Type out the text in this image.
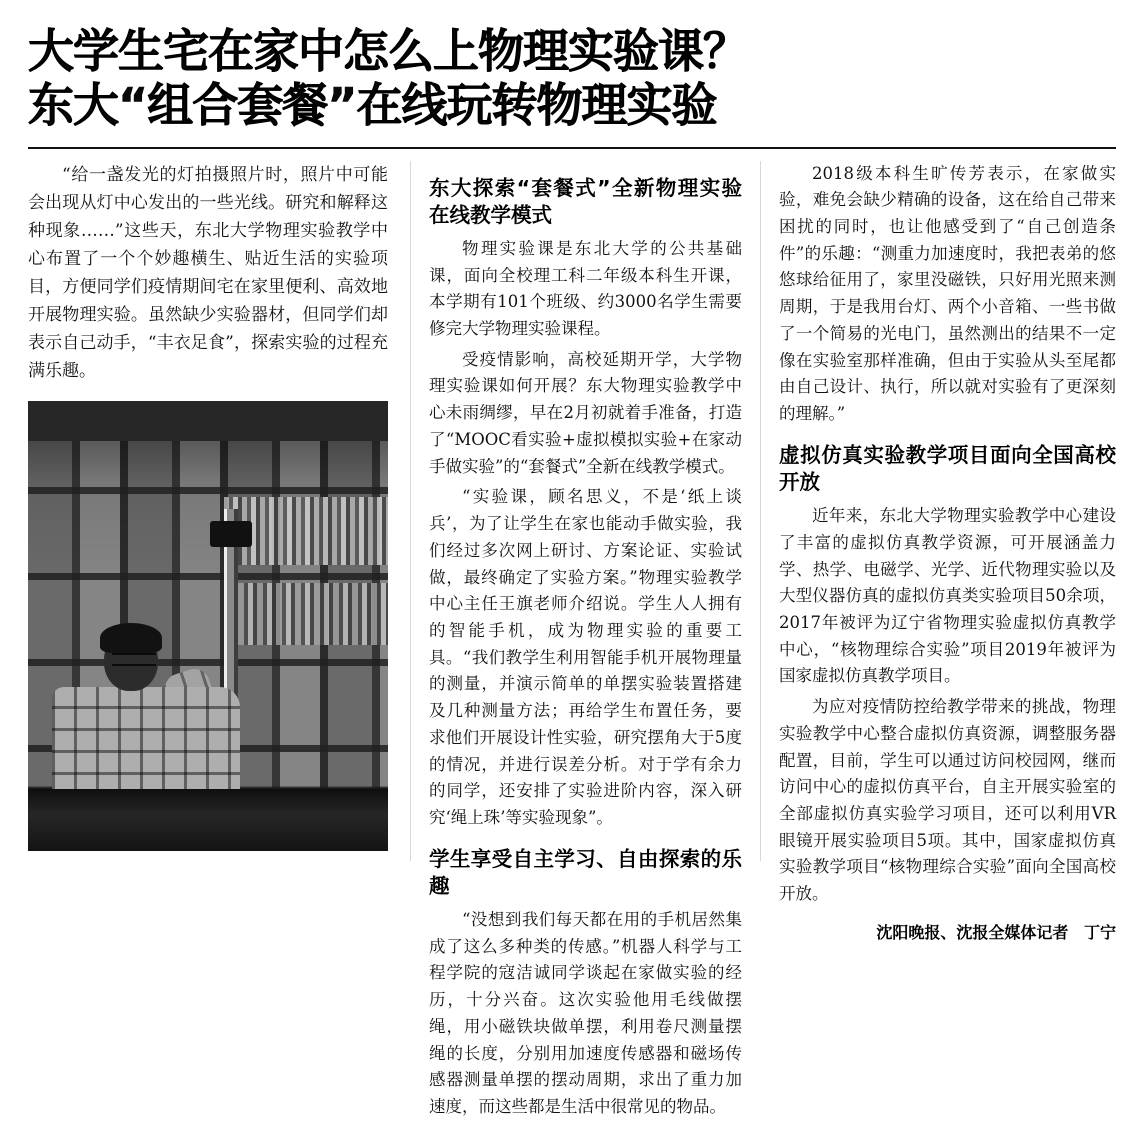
大学生宅在家中怎么上物理实验课？
东大“组合套餐”在线玩转物理实验

“给一盏发光的灯拍摄照片时，照片中可能会出现从灯中心发出的一些光线。研究和解释这种现象……”这些天，东北大学物理实验教学中心布置了一个个妙趣横生、贴近生活的实验项目，方便同学们疫情期间宅在家里便利、高效地开展物理实验。虽然缺少实验器材，但同学们却表示自己动手，“丰衣足食”，探索实验的过程充满乐趣。

东大探索“套餐式”全新物理实验在线教学模式

物理实验课是东北大学的公共基础课，面向全校理工科二年级本科生开课，本学期有101个班级、约3000名学生需要修完大学物理实验课程。

受疫情影响，高校延期开学，大学物理实验课如何开展？东大物理实验教学中心未雨绸缪，早在2月初就着手准备，打造了“MOOC看实验+虚拟模拟实验+在家动手做实验”的“套餐式”全新在线教学模式。

“实验课，顾名思义，不是‘纸上谈兵’，为了让学生在家也能动手做实验，我们经过多次网上研讨、方案论证、实验试做，最终确定了实验方案。”物理实验教学中心主任王旗老师介绍说。学生人人拥有的智能手机，成为物理实验的重要工具。“我们教学生利用智能手机开展物理量的测量，并演示简单的单摆实验装置搭建及几种测量方法；再给学生布置任务，要求他们开展设计性实验，研究摆角大于5度的情况，并进行误差分析。对于学有余力的同学，还安排了实验进阶内容，深入研究‘绳上珠’等实验现象”。

学生享受自主学习、自由探索的乐趣

“没想到我们每天都在用的手机居然集成了这么多种类的传感。”机器人科学与工程学院的寇洁诚同学谈起在家做实验的经历，十分兴奋。这次实验他用毛线做摆绳，用小磁铁块做单摆，利用卷尺测量摆绳的长度，分别用加速度传感器和磁场传感器测量单摆的摆动周期，求出了重力加速度，而这些都是生活中很常见的物品。

2018级本科生旷传芳表示，在家做实验，难免会缺少精确的设备，这在给自己带来困扰的同时，也让他感受到了“自己创造条件”的乐趣：“测重力加速度时，我把表弟的悠悠球给征用了，家里没磁铁，只好用光照来测周期，于是我用台灯、两个小音箱、一些书做了一个简易的光电门，虽然测出的结果不一定像在实验室那样准确，但由于实验从头至尾都由自己设计、执行，所以就对实验有了更深刻的理解。”

虚拟仿真实验教学项目面向全国高校开放

近年来，东北大学物理实验教学中心建设了丰富的虚拟仿真教学资源，可开展涵盖力学、热学、电磁学、光学、近代物理实验以及大型仪器仿真的虚拟仿真类实验项目50余项，2017年被评为辽宁省物理实验虚拟仿真教学中心，“核物理综合实验”项目2019年被评为国家虚拟仿真教学项目。

为应对疫情防控给教学带来的挑战，物理实验教学中心整合虚拟仿真资源，调整服务器配置，目前，学生可以通过访问校园网，继而访问中心的虚拟仿真平台，自主开展实验室的全部虚拟仿真实验学习项目，还可以利用VR眼镜开展实验项目5项。其中，国家虚拟仿真实验教学项目“核物理综合实验”面向全国高校开放。

沈阳晚报、沈报全媒体记者 丁宁
